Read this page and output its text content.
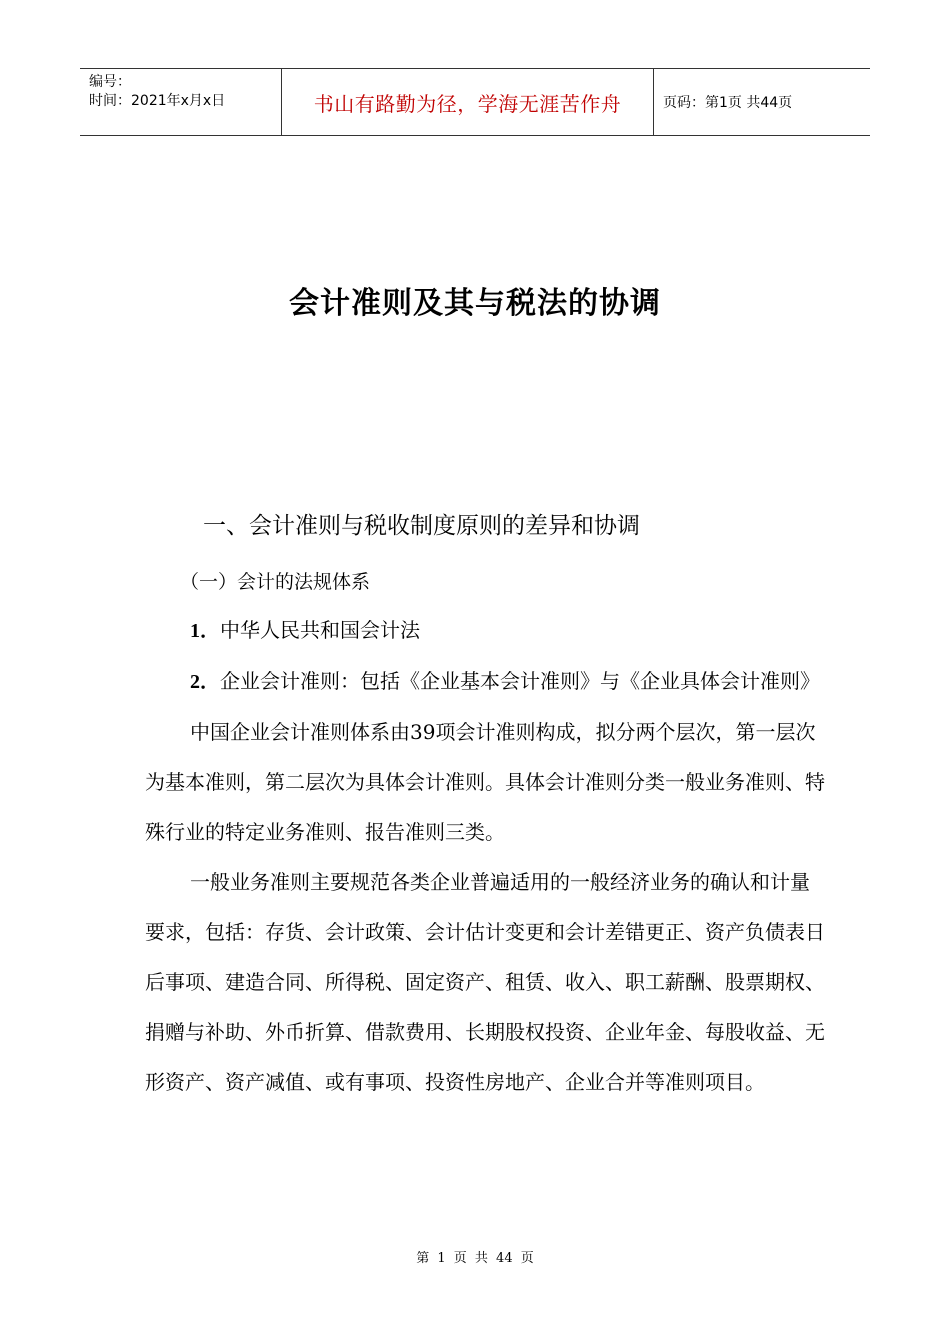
编号：
时间：2021年x月x日	书山有路勤为径，学海无涯苦作舟	页码：第1页 共44页
会计准则及其与税法的协调
一、会计准则与税收制度原则的差异和协调
（一）会计的法规体系

1．中华人民共和国会计法

2．企业会计准则：包括《企业基本会计准则》与《企业具体会计准则》

中国企业会计准则体系由39项会计准则构成，拟分两个层次，第一层次为基本准则，第二层次为具体会计准则。具体会计准则分类一般业务准则、特殊行业的特定业务准则、报告准则三类。

一般业务准则主要规范各类企业普遍适用的一般经济业务的确认和计量要求，包括：存货、会计政策、会计估计变更和会计差错更正、资产负债表日后事项、建造合同、所得税、固定资产、租赁、收入、职工薪酬、股票期权、捐赠与补助、外币折算、借款费用、长期股权投资、企业年金、每股收益、无形资产、资产减值、或有事项、投资性房地产、企业合并等准则项目。

第 1 页 共 44 页
